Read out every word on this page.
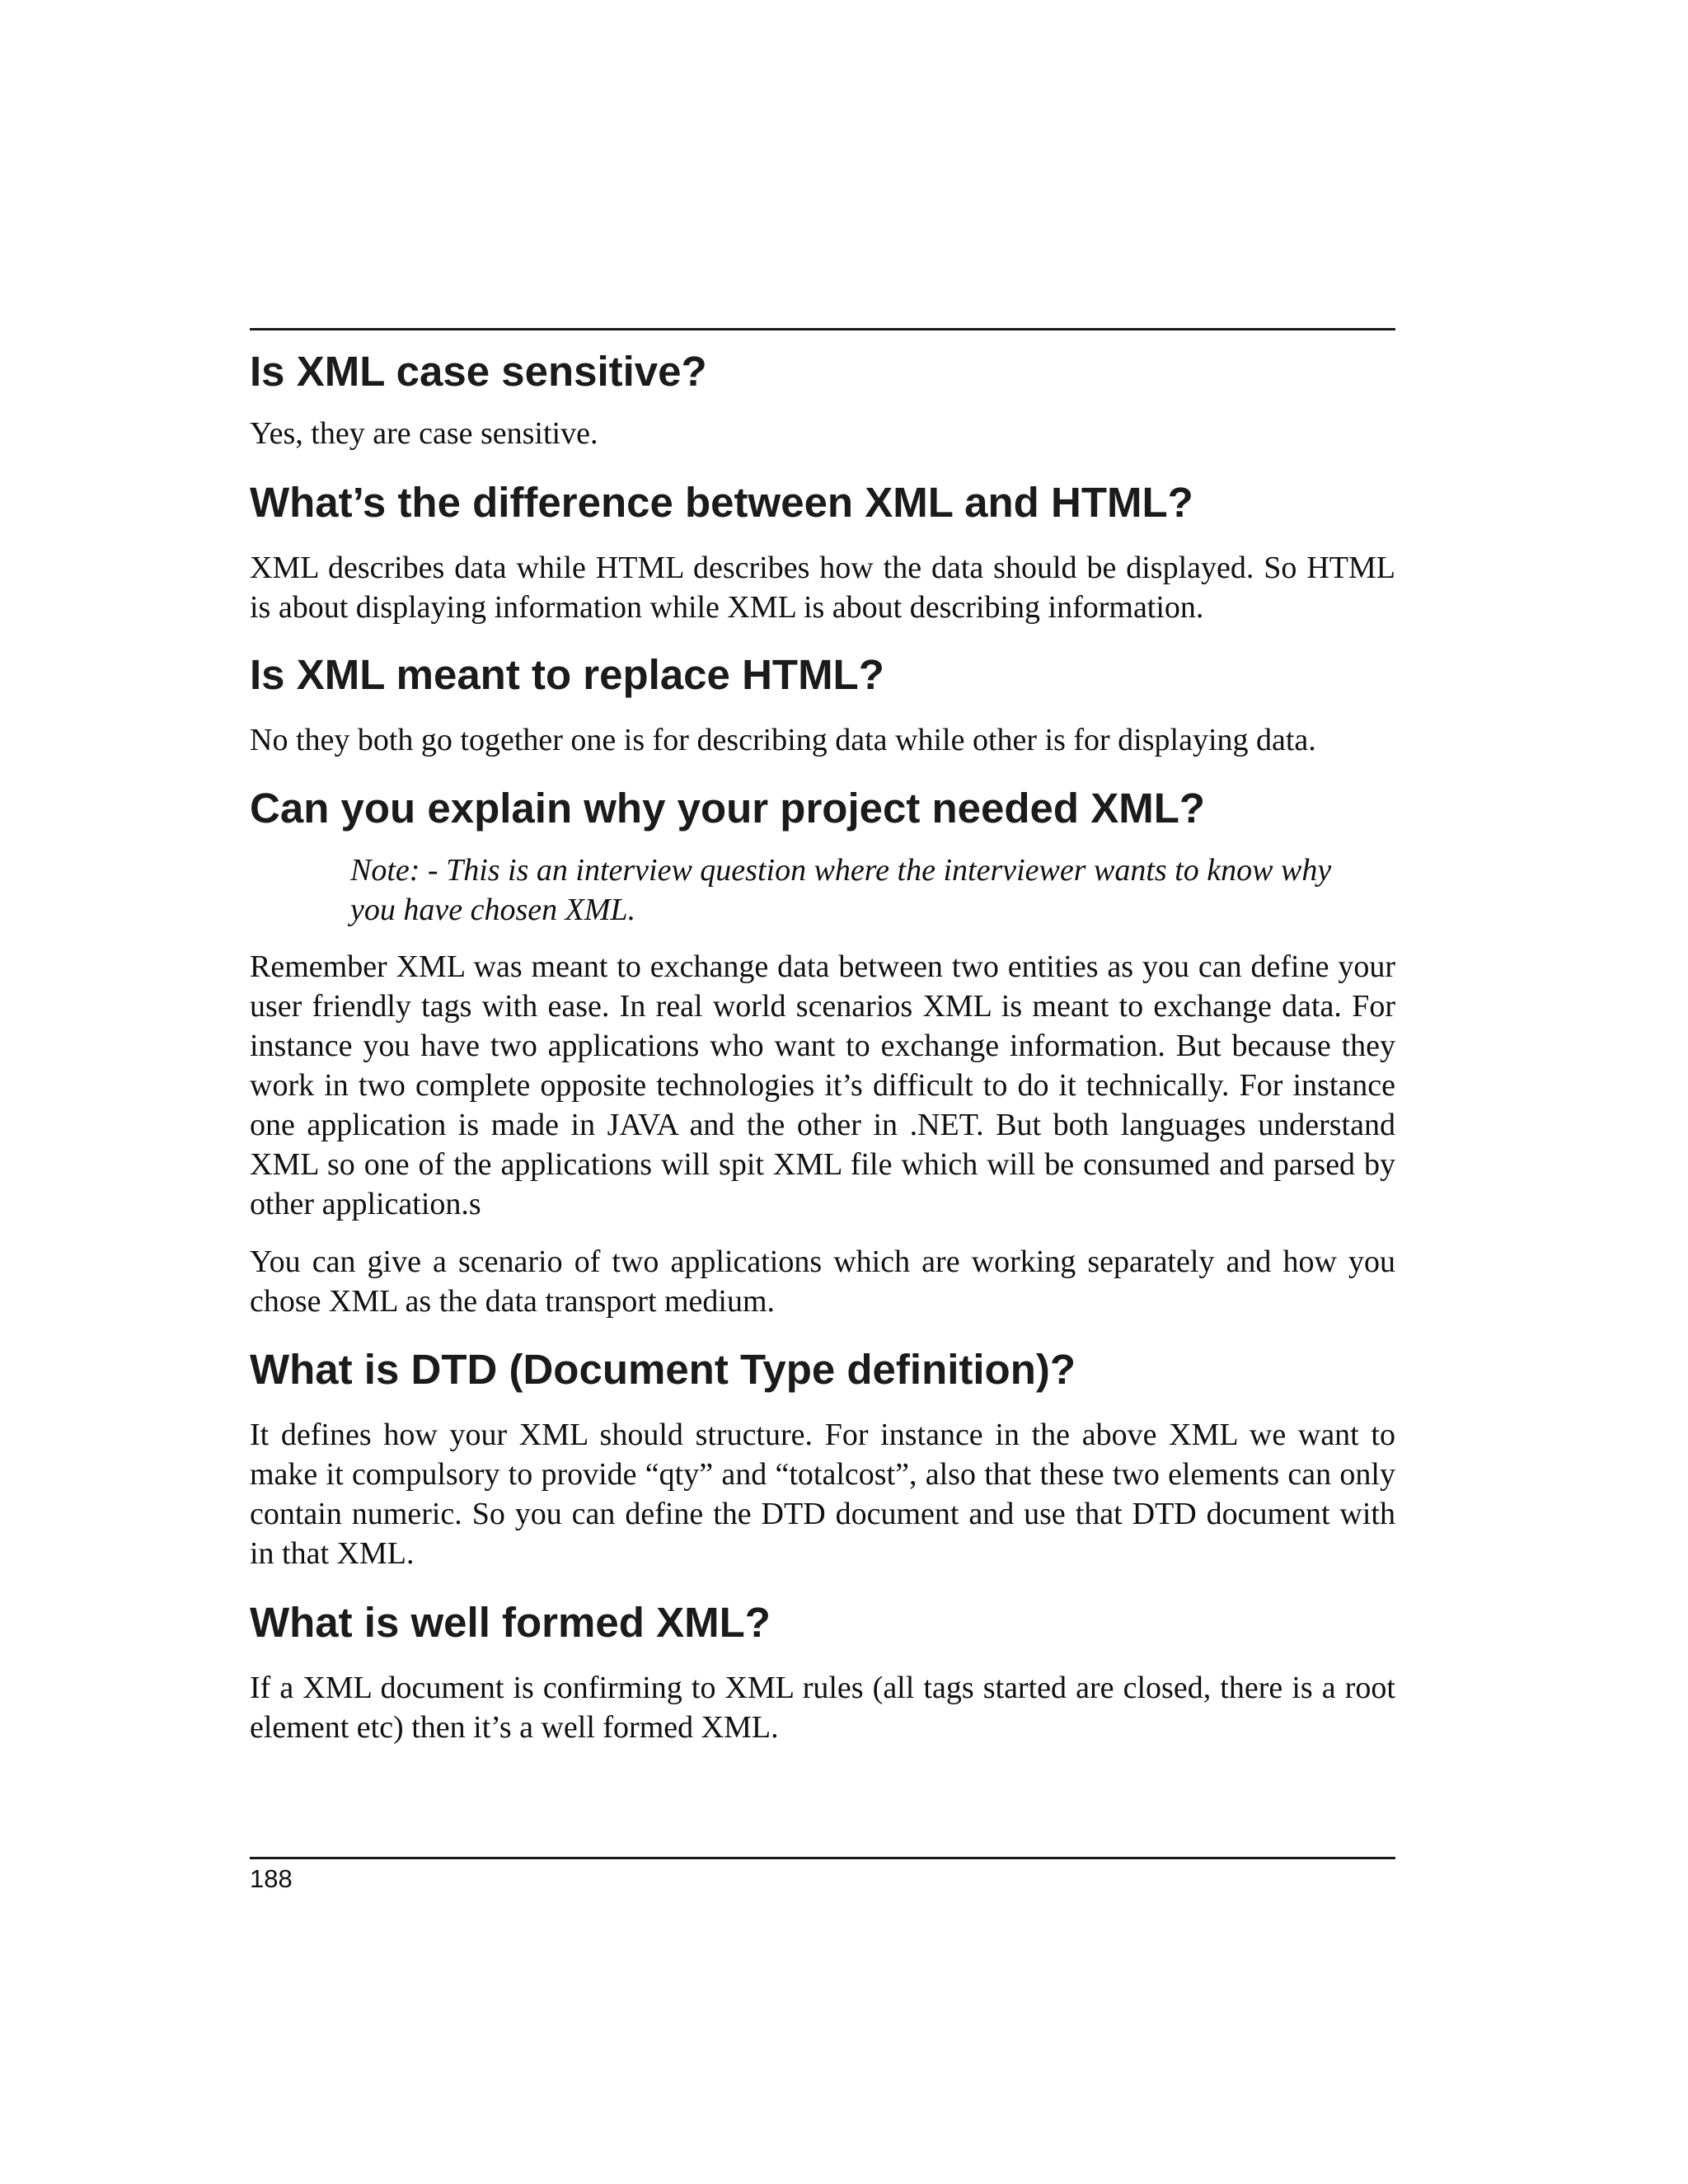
Is XML case sensitive?

Yes, they are case sensitive.

What’s the difference between XML and HTML?

XML describes data while HTML describes how the data should be displayed. So HTML is about displaying information while XML is about describing information.

Is XML meant to replace HTML?

No they both go together one is for describing data while other is for displaying data.

Can you explain why your project needed XML?

Note: - This is an interview question where the interviewer wants to know why you have chosen XML.

Remember XML was meant to exchange data between two entities as you can define your user friendly tags with ease. In real world scenarios XML is meant to exchange data. For instance you have two applications who want to exchange information. But because they work in two complete opposite technologies it’s difficult to do it technically. For instance one application is made in JAVA and the other in .NET. But both languages understand XML so one of the applications will spit XML file which will be consumed and parsed by other application.s

You can give a scenario of two applications which are working separately and how you chose XML as the data transport medium.

What is DTD (Document Type definition)?

It defines how your XML should structure. For instance in the above XML we want to make it compulsory to provide “qty” and “totalcost”, also that these two elements can only contain numeric. So you can define the DTD document and use that DTD document with in that XML.

What is well formed XML?

If a XML document is confirming to XML rules (all tags started are closed, there is a root element etc) then it’s a well formed XML.

188
